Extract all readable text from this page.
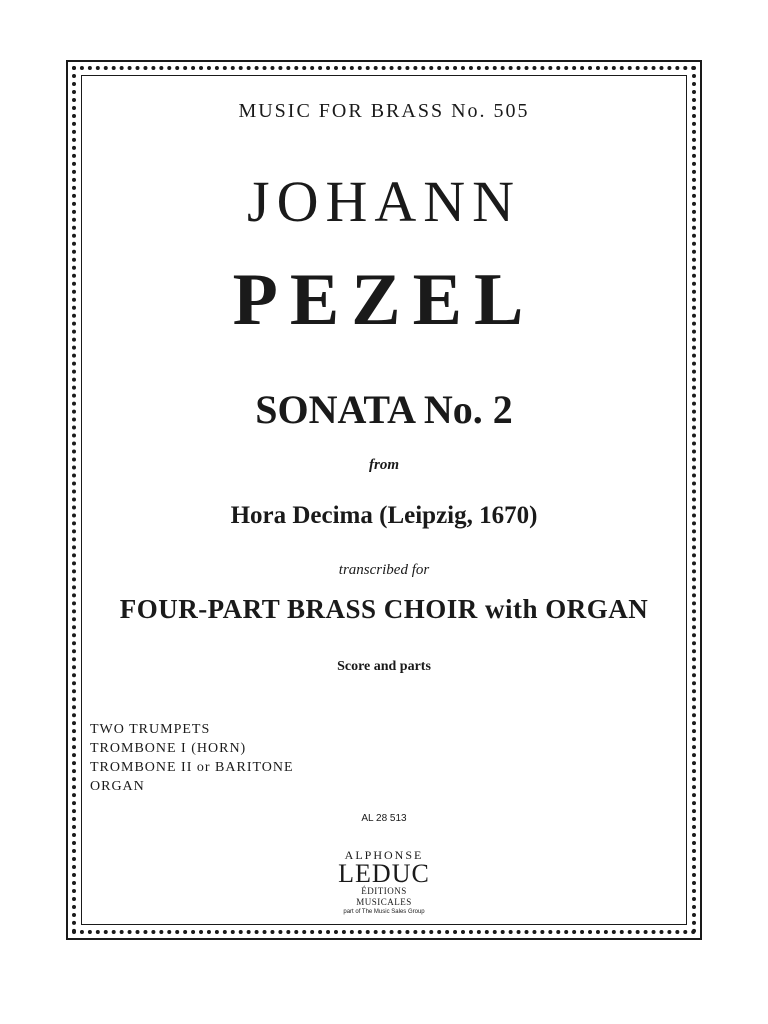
MUSIC FOR BRASS No. 505
JOHANN
PEZEL
SONATA No. 2
from
Hora Decima (Leipzig, 1670)
transcribed for
FOUR-PART BRASS CHOIR with ORGAN
Score and parts
TWO TRUMPETS
TROMBONE I (HORN)
TROMBONE II or BARITONE
ORGAN
AL 28 513
ALPHONSE
LEDUC
ÉDITIONS MUSICALES
part of The Music Sales Group
